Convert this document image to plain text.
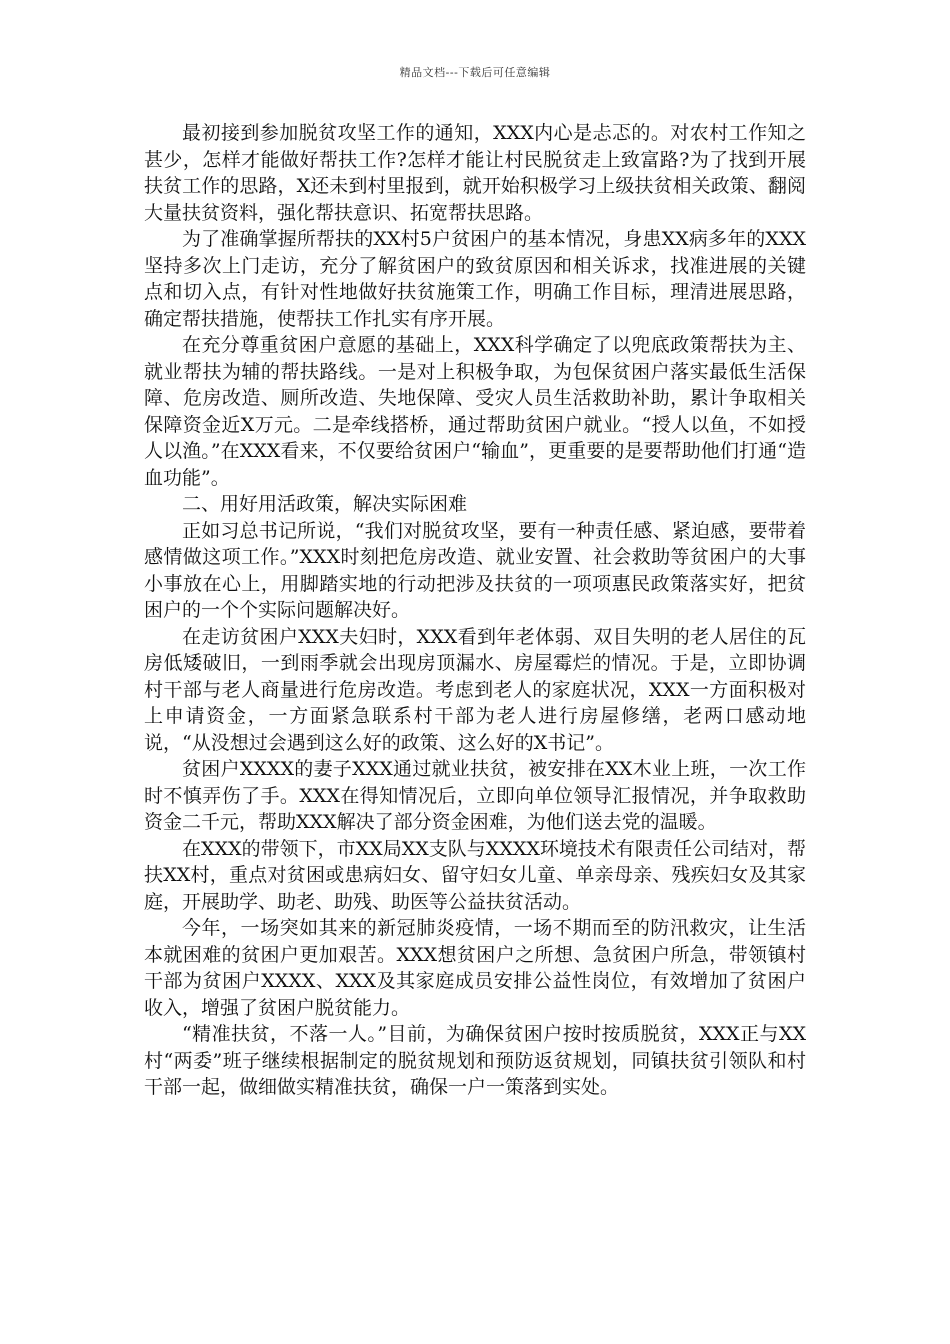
精品文档---下载后可任意编辑

最初接到参加脱贫攻坚工作的通知，XXX内心是忐忑的。对农村工作知之甚少，怎样才能做好帮扶工作?怎样才能让村民脱贫走上致富路?为了找到开展扶贫工作的思路，X还未到村里报到，就开始积极学习上级扶贫相关政策、翻阅大量扶贫资料，强化帮扶意识、拓宽帮扶思路。

为了准确掌握所帮扶的XX村5户贫困户的基本情况，身患XX病多年的XXX坚持多次上门走访，充分了解贫困户的致贫原因和相关诉求，找准进展的关键点和切入点，有针对性地做好扶贫施策工作，明确工作目标，理清进展思路，确定帮扶措施，使帮扶工作扎实有序开展。

在充分尊重贫困户意愿的基础上，XXX科学确定了以兜底政策帮扶为主、就业帮扶为辅的帮扶路线。一是对上积极争取，为包保贫困户落实最低生活保障、危房改造、厕所改造、失地保障、受灾人员生活救助补助，累计争取相关保障资金近X万元。二是牵线搭桥，通过帮助贫困户就业。“授人以鱼，不如授人以渔。”在XXX看来，不仅要给贫困户“输血”，更重要的是要帮助他们打通“造血功能”。

二、用好用活政策，解决实际困难

正如习总书记所说，“我们对脱贫攻坚，要有一种责任感、紧迫感，要带着感情做这项工作。”XXX时刻把危房改造、就业安置、社会救助等贫困户的大事小事放在心上，用脚踏实地的行动把涉及扶贫的一项项惠民政策落实好，把贫困户的一个个实际问题解决好。

在走访贫困户XXX夫妇时，XXX看到年老体弱、双目失明的老人居住的瓦房低矮破旧，一到雨季就会出现房顶漏水、房屋霉烂的情况。于是，立即协调村干部与老人商量进行危房改造。考虑到老人的家庭状况，XXX一方面积极对上申请资金，一方面紧急联系村干部为老人进行房屋修缮，老两口感动地说，“从没想过会遇到这么好的政策、这么好的X书记”。

贫困户XXXX的妻子XXX通过就业扶贫，被安排在XX木业上班，一次工作时不慎弄伤了手。XXX在得知情况后，立即向单位领导汇报情况，并争取救助资金二千元，帮助XXX解决了部分资金困难，为他们送去党的温暖。

在XXX的带领下，市XX局XX支队与XXXX环境技术有限责任公司结对，帮扶XX村，重点对贫困或患病妇女、留守妇女儿童、单亲母亲、残疾妇女及其家庭，开展助学、助老、助残、助医等公益扶贫活动。

今年，一场突如其来的新冠肺炎疫情，一场不期而至的防汛救灾，让生活本就困难的贫困户更加艰苦。XXX想贫困户之所想、急贫困户所急，带领镇村干部为贫困户XXXX、XXX及其家庭成员安排公益性岗位，有效增加了贫困户收入，增强了贫困户脱贫能力。

“精准扶贫，不落一人。”目前，为确保贫困户按时按质脱贫，XXX正与XX村“两委”班子继续根据制定的脱贫规划和预防返贫规划，同镇扶贫引领队和村干部一起，做细做实精准扶贫，确保一户一策落到实处。
